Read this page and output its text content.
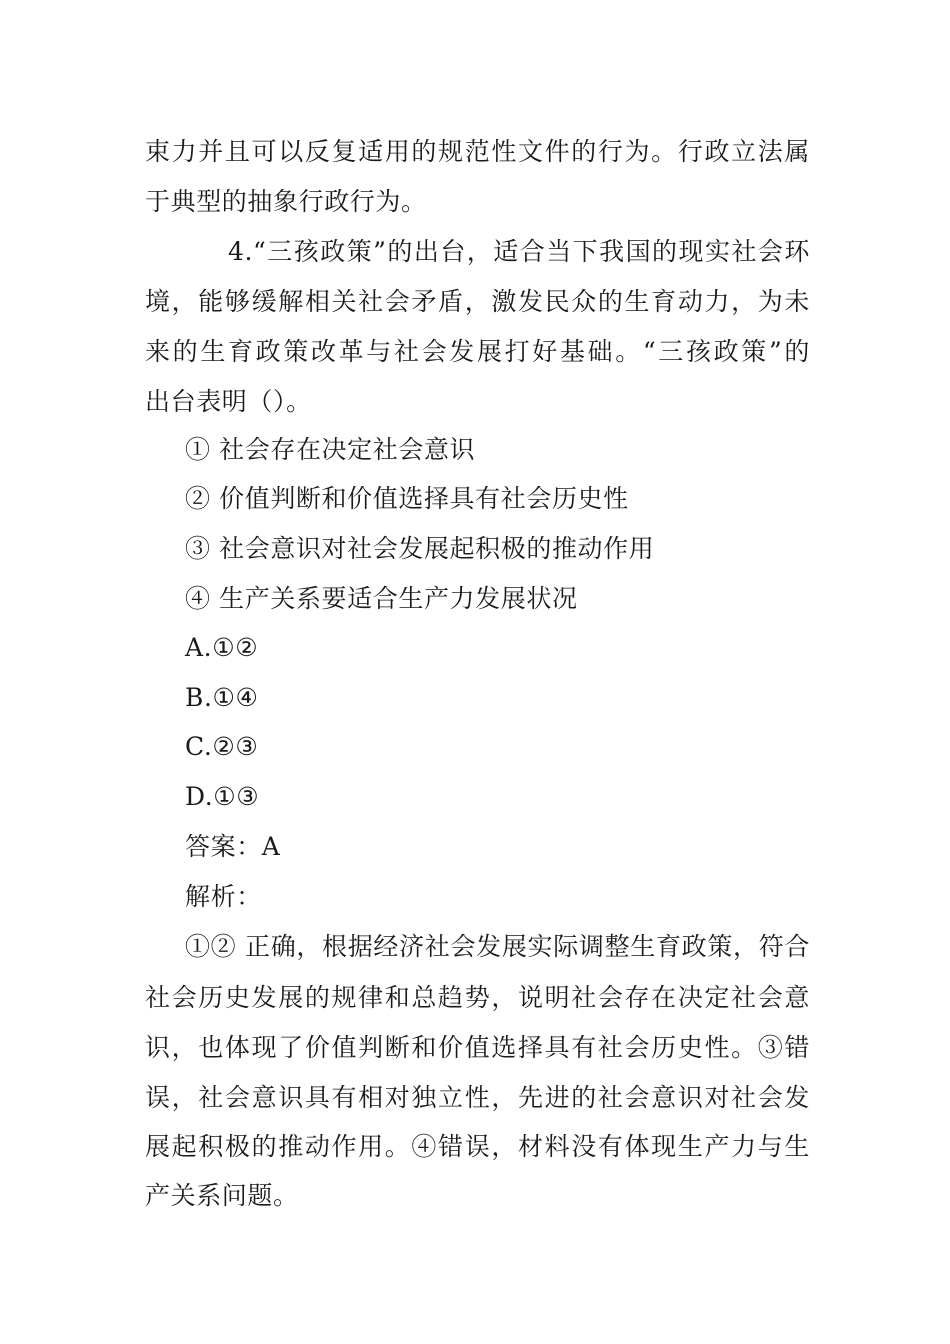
束力并且可以反复适用的规范性文件的行为。行政立法属
于典型的抽象行政行为。
4.“三孩政策”的出台，适合当下我国的现实社会环
境，能够缓解相关社会矛盾，激发民众的生育动力，为未
来的生育政策改革与社会发展打好基础。“三孩政策”的
出台表明（）。
① 社会存在决定社会意识
② 价值判断和价值选择具有社会历史性
③ 社会意识对社会发展起积极的推动作用
④ 生产关系要适合生产力发展状况
A.①②
B.①④
C.②③
D.①③
答案：A
解析：
①② 正确，根据经济社会发展实际调整生育政策，符合
社会历史发展的规律和总趋势，说明社会存在决定社会意
识，也体现了价值判断和价值选择具有社会历史性。③错
误，社会意识具有相对独立性，先进的社会意识对社会发
展起积极的推动作用。④错误，材料没有体现生产力与生
产关系问题。
